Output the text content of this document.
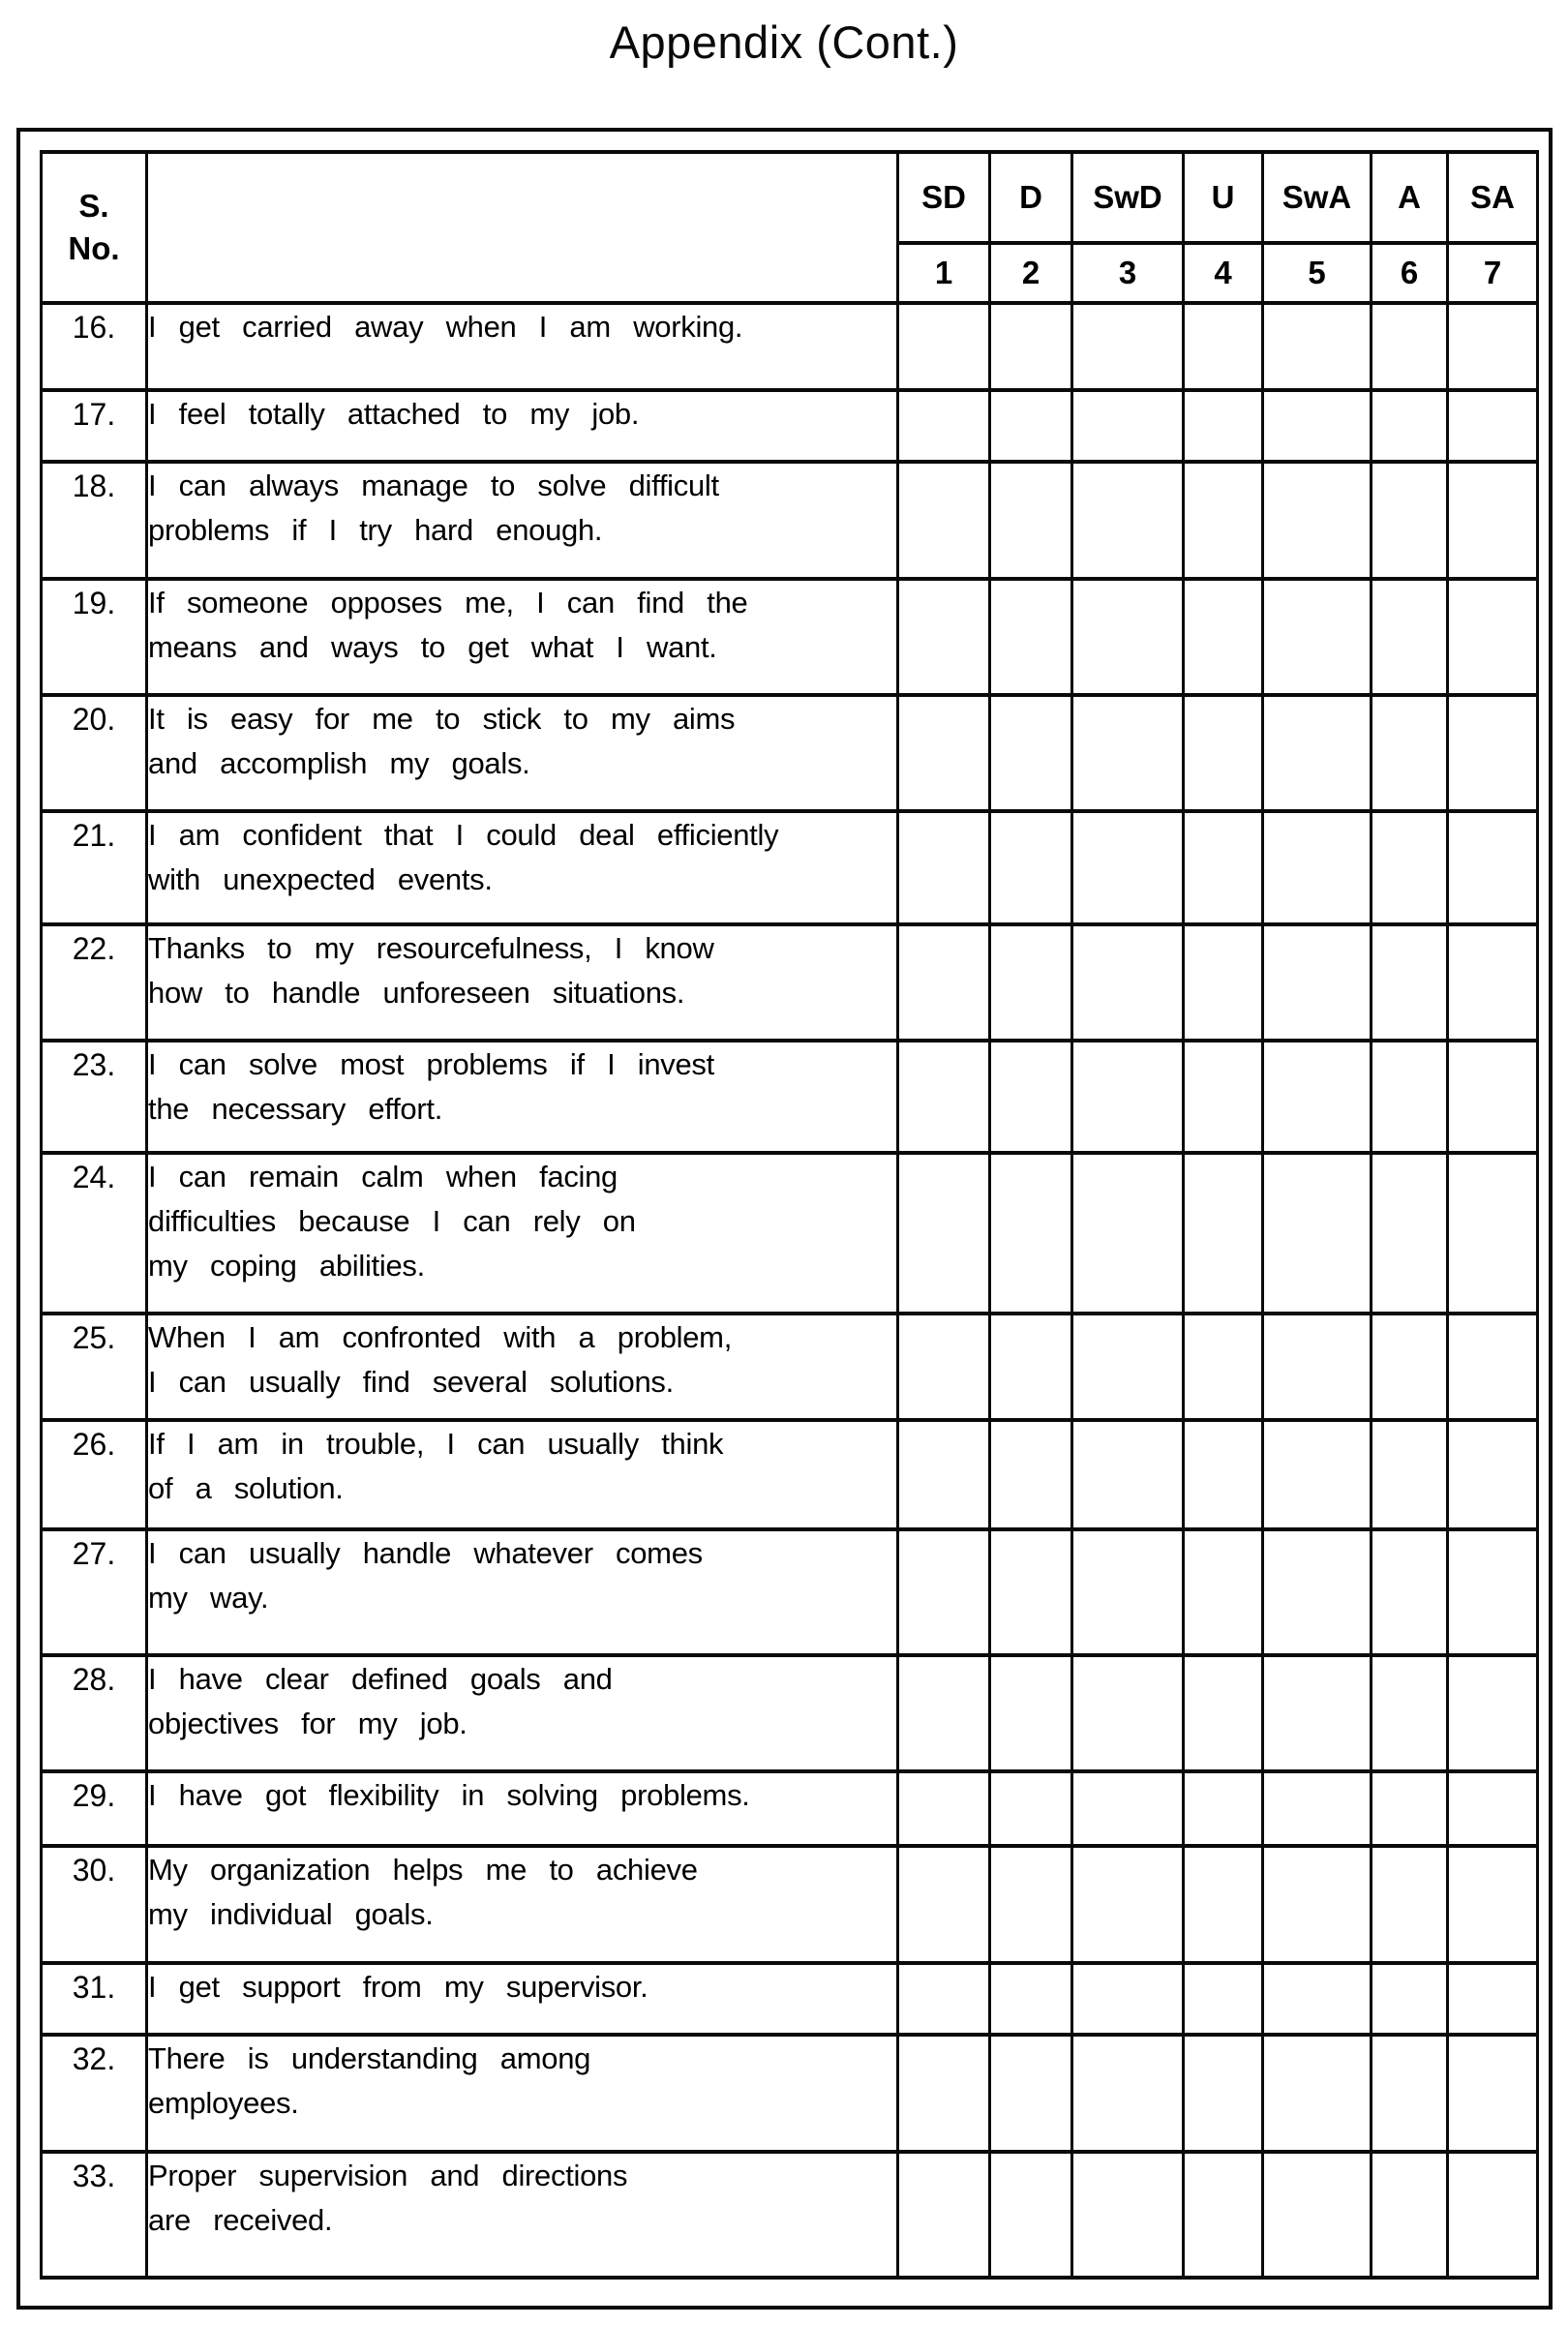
Appendix (Cont.)
S.
No.		SD	D	SwD	U	SwA	A	SA
		1	2	3	4	5	6	7
16.	I get carried away when I am working.							

17.	I feel totally attached to my job.							

18.	I can always manage to solve difficult
problems if I try hard enough.							

19.	If someone opposes me, I can find the
means and ways to get what I want.							

20.	It is easy for me to stick to my aims
and accomplish my goals.							

21.	I am confident that I could deal efficiently
with unexpected events.							

22.	Thanks to my resourcefulness, I know
how to handle unforeseen situations.							

23.	I can solve most problems if I invest
the necessary effort.							

24.	I can remain calm when facing
difficulties because I can rely on
my coping abilities.							

25.	When I am confronted with a problem,
I can usually find several solutions.							

26.	If I am in trouble, I can usually think
of a solution.							

27.	I can usually handle whatever comes
my way.							

28.	I have clear defined goals and
objectives for my job.							

29.	I have got flexibility in solving problems.							

30.	My organization helps me to achieve
my individual goals.							

31.	I get support from my supervisor.							

32.	There is understanding among
employees.							

33.	Proper supervision and directions
are received.							
